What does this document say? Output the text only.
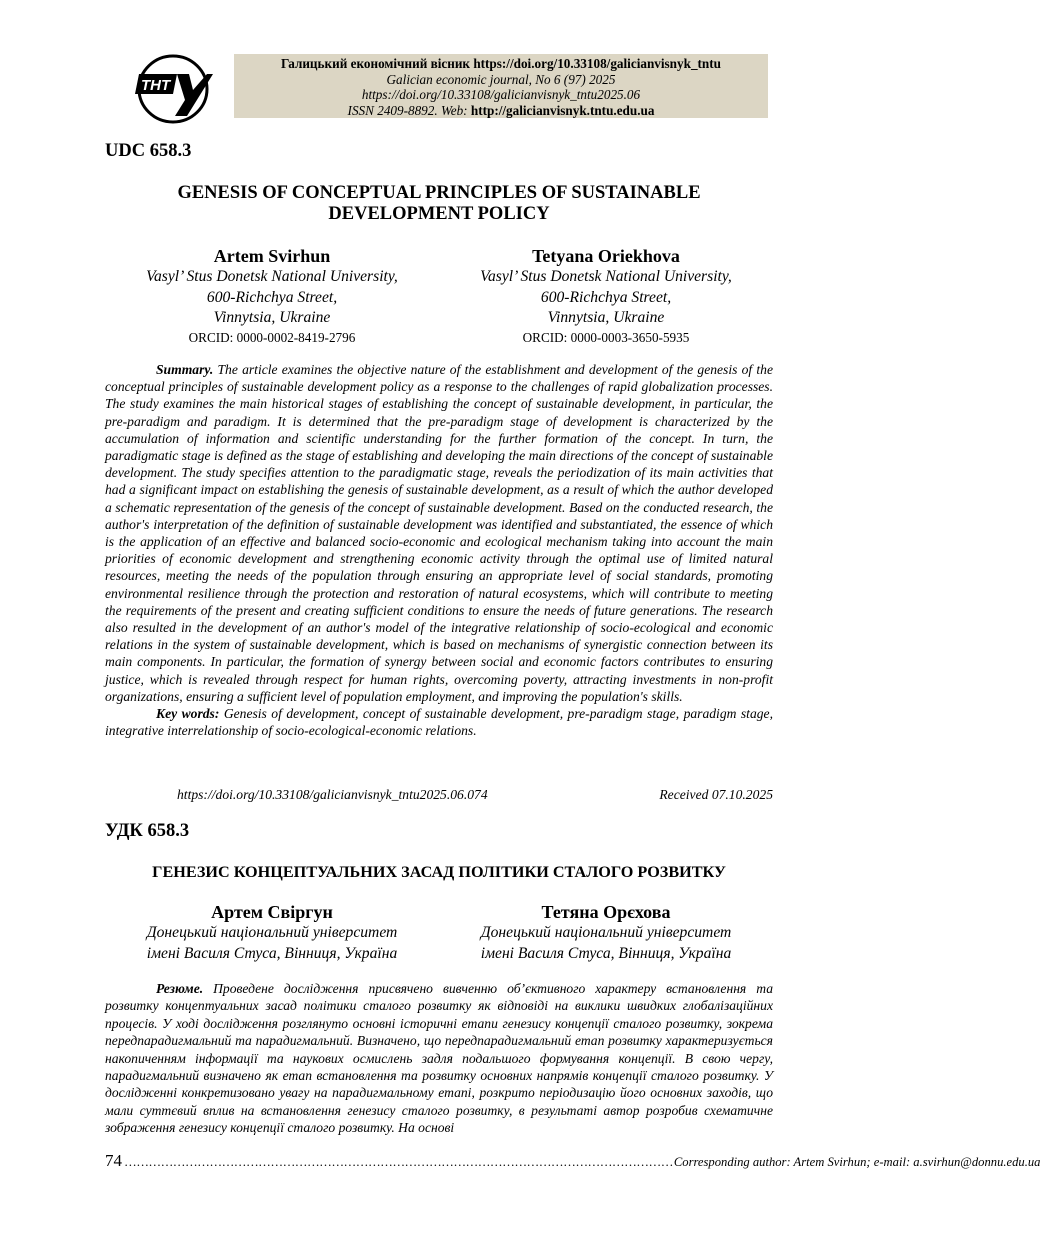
THT
Галицький економічний вісник https://doi.org/10.33108/galicianvisnyk_tntu
Galician economic journal, No 6 (97) 2025
https://doi.org/10.33108/galicianvisnyk_tntu2025.06
ISSN 2409-8892. Web: http://galicianvisnyk.tntu.edu.ua
UDC 658.3
GENESIS OF CONCEPTUAL PRINCIPLES OF SUSTAINABLE
DEVELOPMENT POLICY
Artem Svirhun
Vasyl’ Stus Donetsk National University,
600-Richchya Street,
Vinnytsia, Ukraine
ORCID: 0000-0002-8419-2796
Tetyana Oriekhova
Vasyl’ Stus Donetsk National University,
600-Richchya Street,
Vinnytsia, Ukraine
ORCID: 0000-0003-3650-5935

Summary. The article examines the objective nature of the establishment and development of the genesis of the conceptual principles of sustainable development policy as a response to the challenges of rapid globalization processes. The study examines the main historical stages of establishing the concept of sustainable development, in particular, the pre-paradigm and paradigm. It is determined that the pre-paradigm stage of development is characterized by the accumulation of information and scientific understanding for the further formation of the concept. In turn, the paradigmatic stage is defined as the stage of establishing and developing the main directions of the concept of sustainable development. The study specifies attention to the paradigmatic stage, reveals the periodization of its main activities that had a significant impact on establishing the genesis of sustainable development, as a result of which the author developed a schematic representation of the genesis of the concept of sustainable development. Based on the conducted research, the author's interpretation of the definition of sustainable development was identified and substantiated, the essence of which is the application of an effective and balanced socio-economic and ecological mechanism taking into account the main priorities of economic development and strengthening economic activity through the optimal use of limited natural resources, meeting the needs of the population through ensuring an appropriate level of social standards, promoting environmental resilience through the protection and restoration of natural ecosystems, which will contribute to meeting the requirements of the present and creating sufficient conditions to ensure the needs of future generations. The research also resulted in the development of an author's model of the integrative relationship of socio-ecological and economic relations in the system of sustainable development, which is based on mechanisms of synergistic connection between its main components. In particular, the formation of synergy between social and economic factors contributes to ensuring justice, which is revealed through respect for human rights, overcoming poverty, attracting investments in non-profit organizations, ensuring a sufficient level of population employment, and improving the population's skills.

Key words: Genesis of development, concept of sustainable development, pre-paradigm stage, paradigm stage, integrative interrelationship of socio-ecological-economic relations.

https://doi.org/10.33108/galicianvisnyk_tntu2025.06.074	Received 07.10.2025
УДК 658.3
ГЕНЕЗИС КОНЦЕПТУАЛЬНИХ ЗАСАД ПОЛІТИКИ СТАЛОГО РОЗВИТКУ
Артем Свіргун
Донецький національний університет
імені Василя Стуса, Вінниця, Україна
Тетяна Орєхова
Донецький національний університет
імені Василя Стуса, Вінниця, Україна

Резюме. Проведене дослідження присвячено вивченню об’єктивного характеру встановлення та розвитку концептуальних засад політики сталого розвитку як відповіді на виклики швидких глобалізаційних процесів. У ході дослідження розглянуто основні історичні етапи генезису концепції сталого розвитку, зокрема передпарадигмальний та парадигмальний. Визначено, що передпарадигмальний етап розвитку характеризується накопиченням інформації та наукових осмислень задля подальшого формування концепції. В свою чергу, парадигмальний визначено як етап встановлення та розвитку основних напрямів концепції сталого розвитку. У дослідженні конкретизовано увагу на парадигмальному етапі, розкрито періодизацію його основних заходів, що мали суттєвий вплив на встановлення генезису сталого розвитку, в результаті автор розробив схематичне зображення генезису концепції сталого розвитку. На основі

74 ……………………………………………………………………………………………………………………… Corresponding author: Artem Svirhun; e-mail: a.svirhun@donnu.edu.ua
